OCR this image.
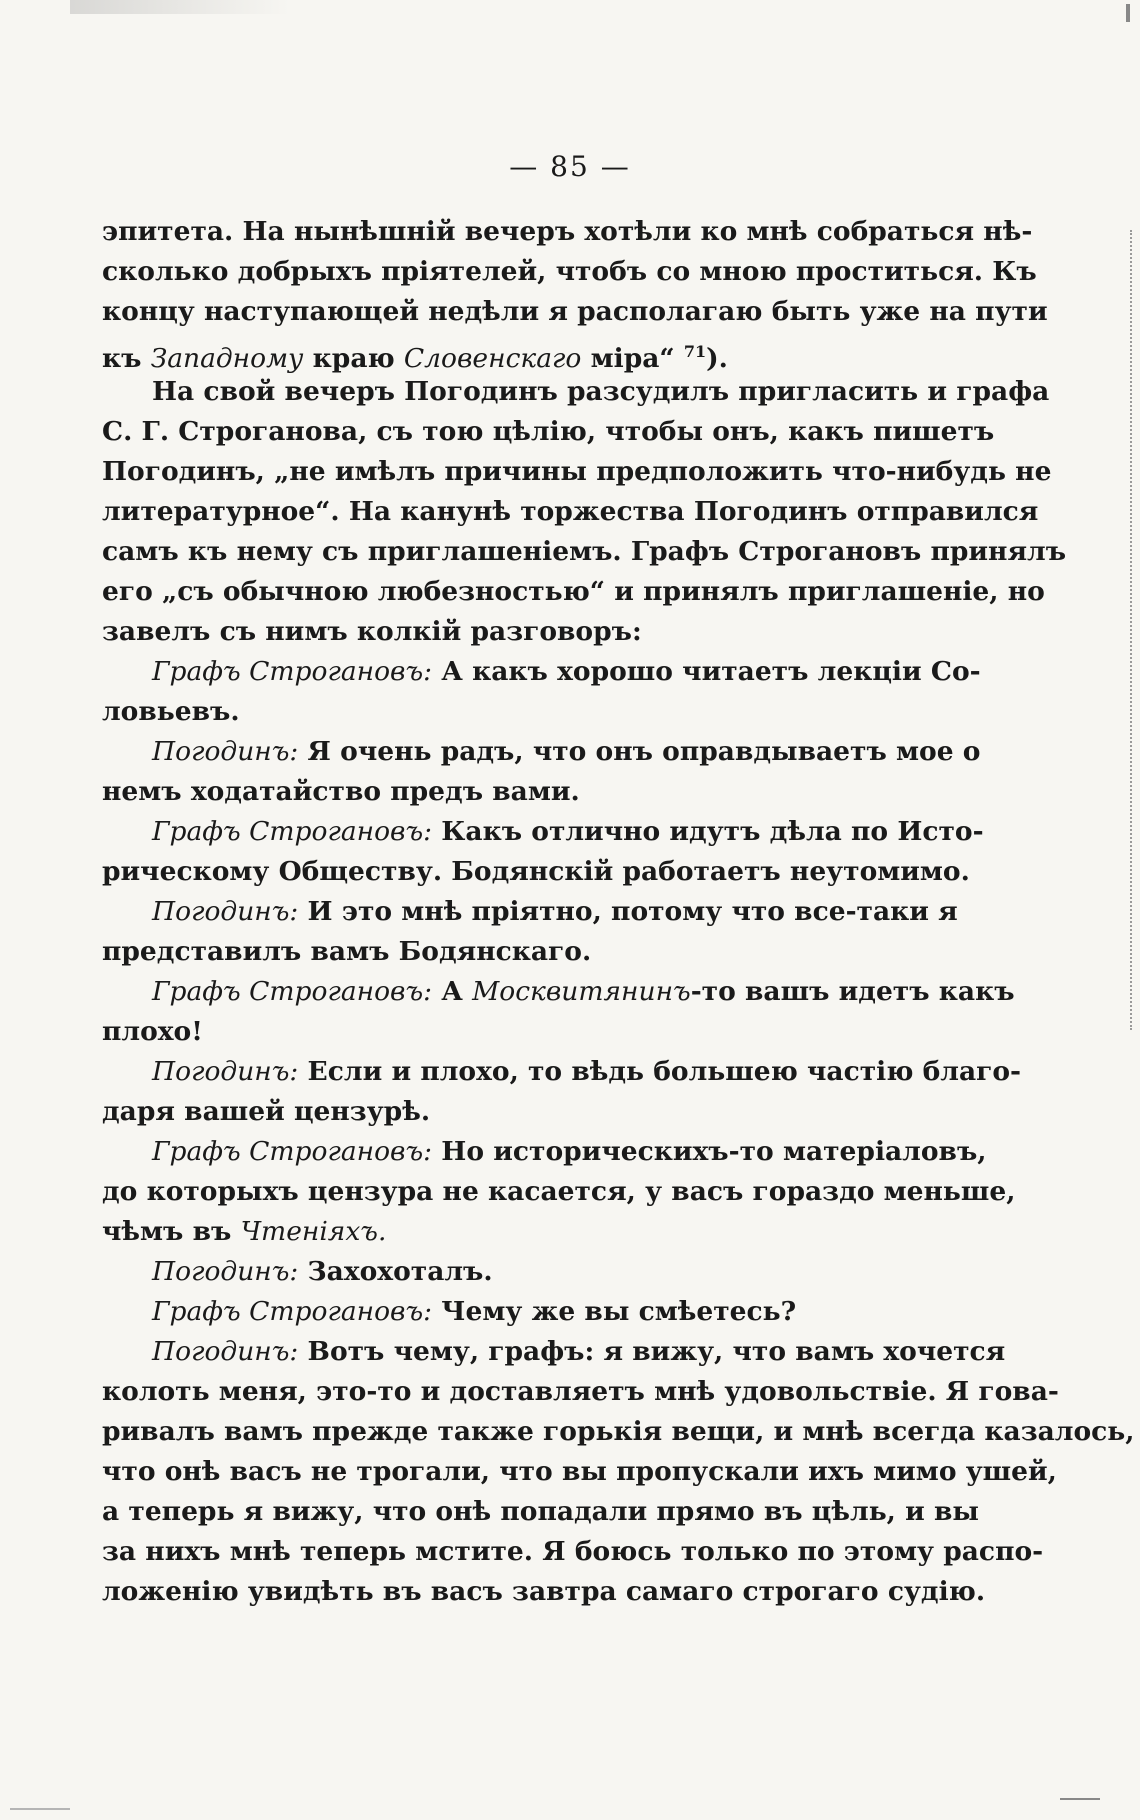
— 85 —
эпитета. На нынѣшній вечеръ хотѣли ко мнѣ собраться нѣ-
сколько добрыхъ пріятелей, чтобъ со мною проститься. Къ
концу наступающей недѣли я располагаю быть уже на пути
къ Западному краю Словенскаго міра“ $^{71}$).
На свой вечеръ Погодинъ разсудилъ пригласить и графа
С. Г. Строганова, съ тою цѣлію, чтобы онъ, какъ пишетъ
Погодинъ, „не имѣлъ причины предположить что-нибудь не
литературное“. На канунѣ торжества Погодинъ отправился
самъ къ нему съ приглашеніемъ. Графъ Строгановъ принялъ
его „съ обычною любезностью“ и принялъ приглашеніе, но
завелъ съ нимъ колкій разговоръ:
Графъ Строгановъ: А какъ хорошо читаетъ лекціи Со-
ловьевъ.
Погодинъ: Я очень радъ, что онъ оправдываетъ мое о
немъ ходатайство предъ вами.
Графъ Строгановъ: Какъ отлично идутъ дѣла по Исто-
рическому Обществу. Бодянскій работаетъ неутомимо.
Погодинъ: И это мнѣ пріятно, потому что все-таки я
представилъ вамъ Бодянскаго.
Графъ Строгановъ: А Москвитянинъ-то вашъ идетъ какъ
плохо!
Погодинъ: Если и плохо, то вѣдь большею частію благо-
даря вашей цензурѣ.
Графъ Строгановъ: Но историческихъ-то матеріаловъ,
до которыхъ цензура не касается, у васъ гораздо меньше,
чѣмъ въ Чтеніяхъ.
Погодинъ: Захохоталъ.
Графъ Строгановъ: Чему же вы смѣетесь?
Погодинъ: Вотъ чему, графъ: я вижу, что вамъ хочется
колоть меня, это-то и доставляетъ мнѣ удовольствіе. Я гова-
ривалъ вамъ прежде также горькія вещи, и мнѣ всегда казалось,
что онѣ васъ не трогали, что вы пропускали ихъ мимо ушей,
а теперь я вижу, что онѣ попадали прямо въ цѣль, и вы
за нихъ мнѣ теперь мстите. Я боюсь только по этому распо-
ложенію увидѣть въ васъ завтра самаго строгаго судію.
